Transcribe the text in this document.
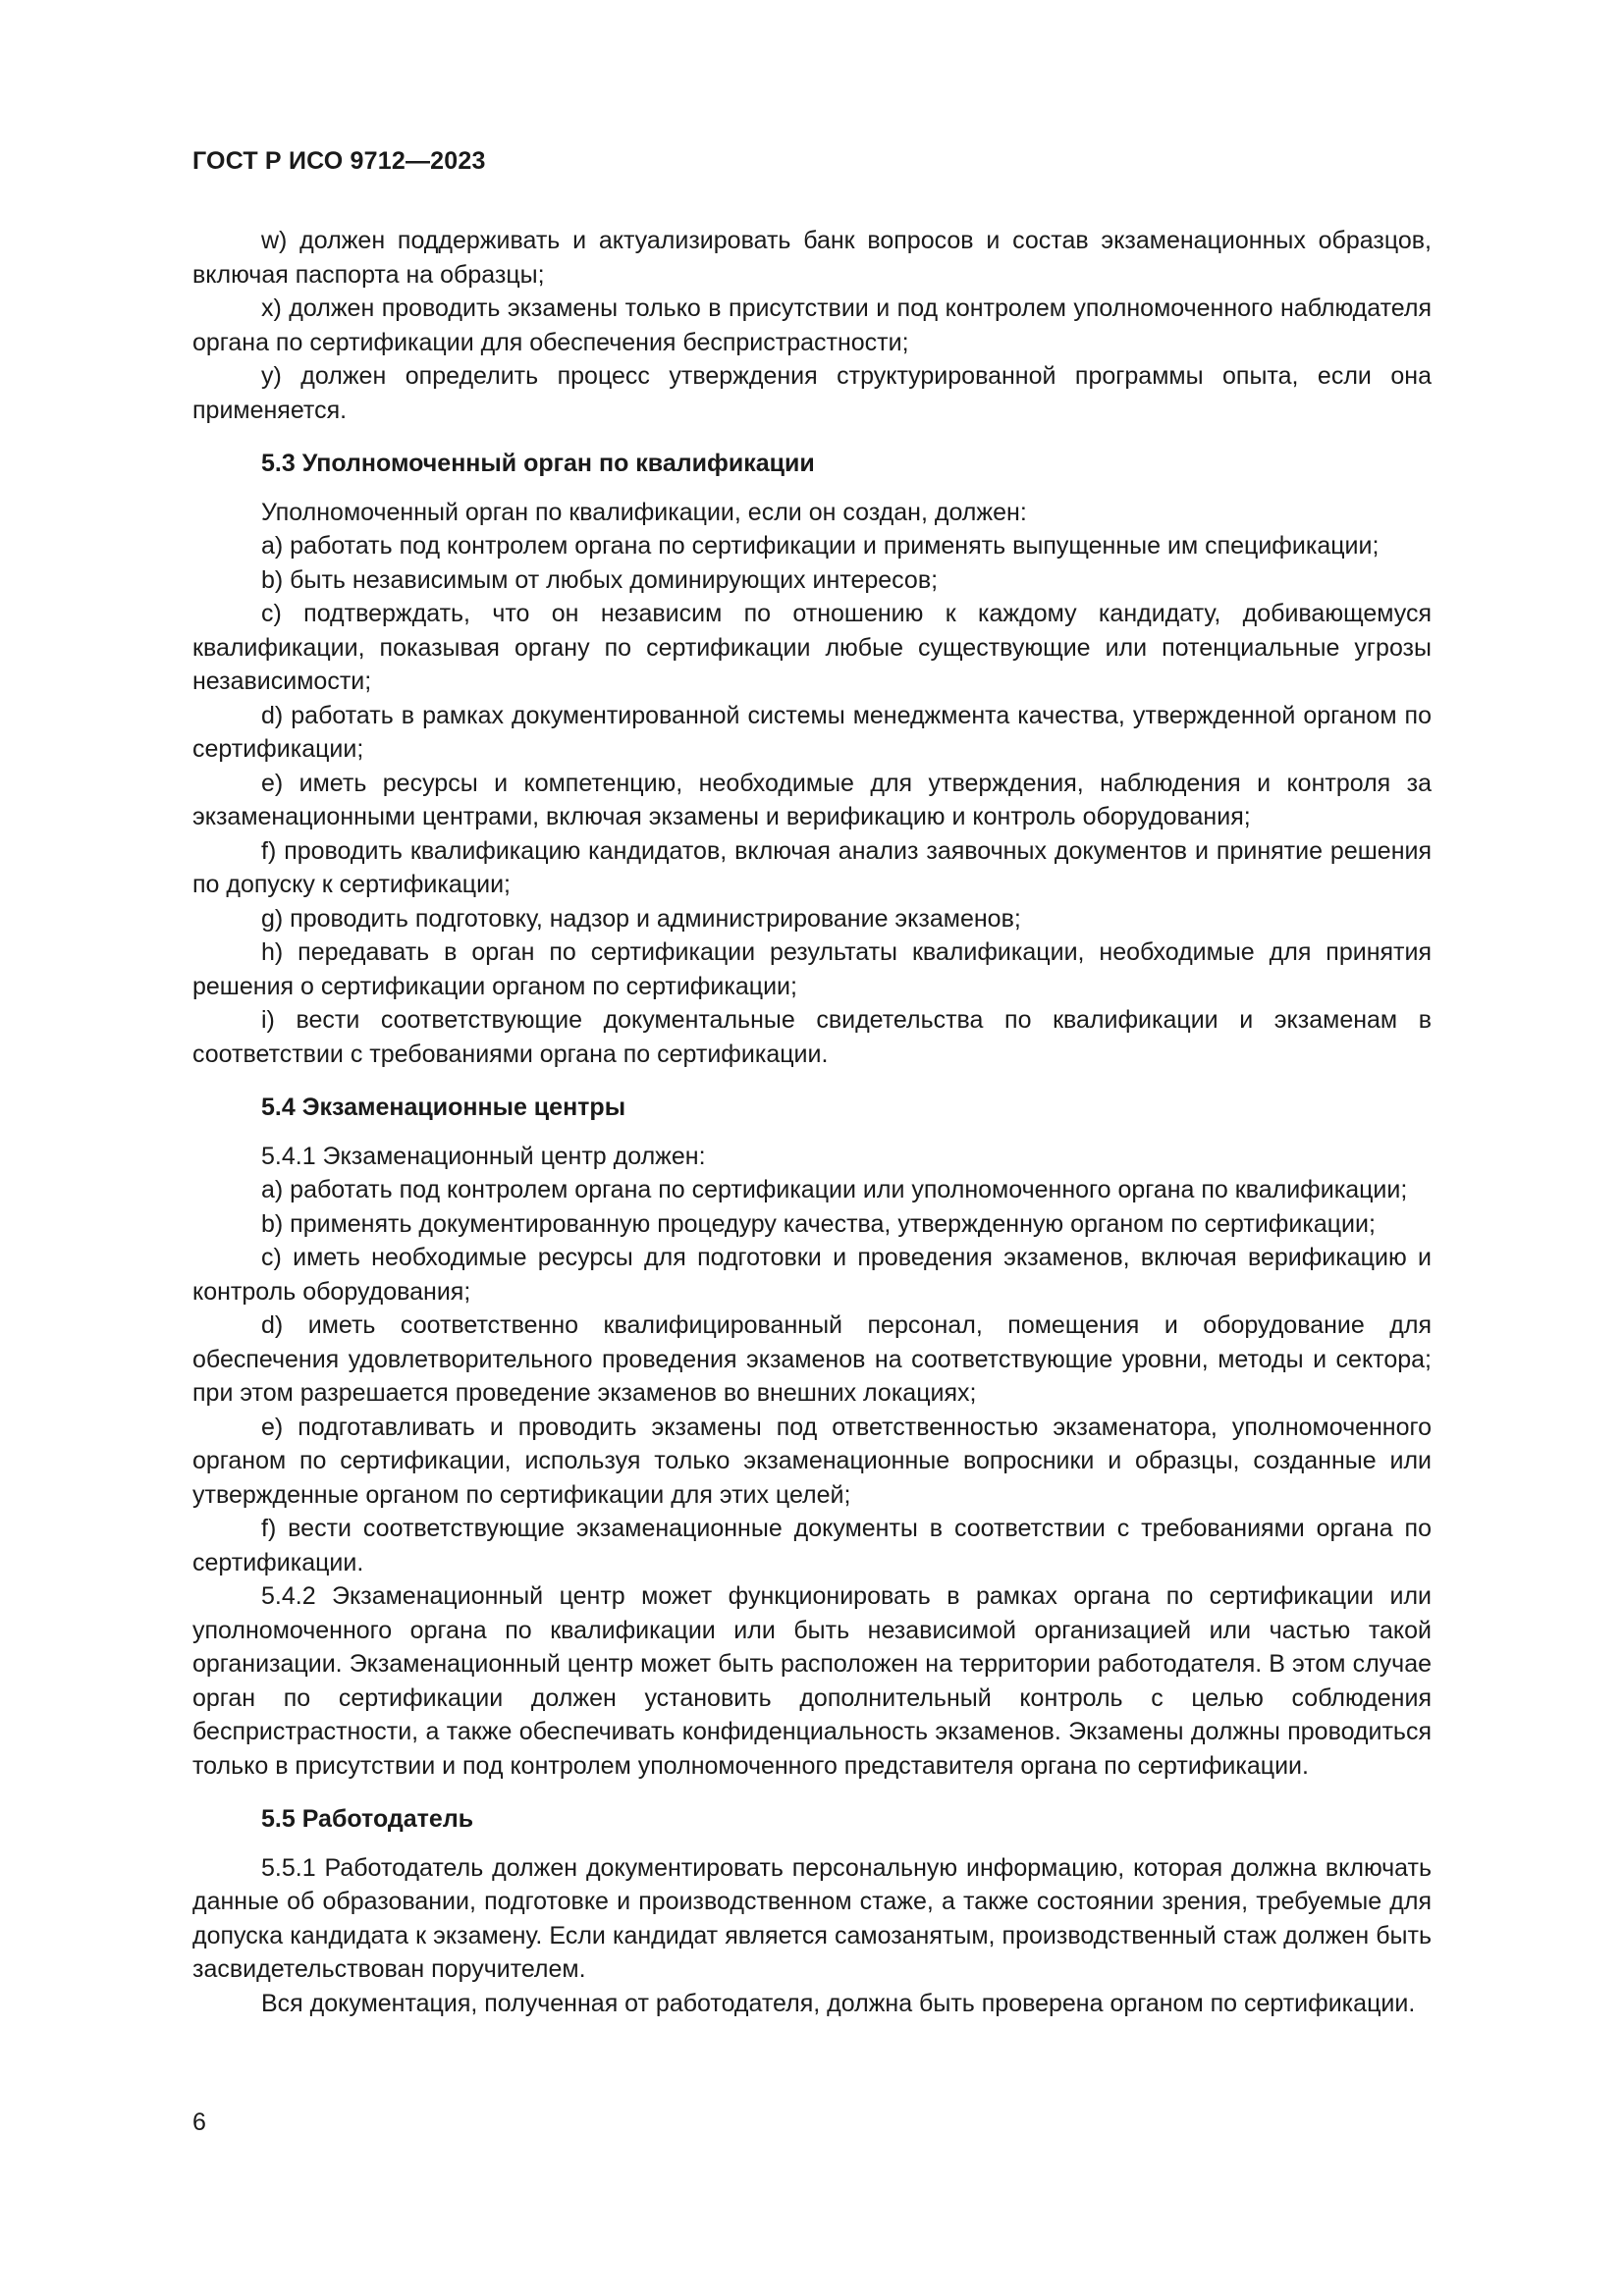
ГОСТ Р ИСО 9712—2023

w) должен поддерживать и актуализировать банк вопросов и состав экзаменационных образцов, включая паспорта на образцы;

x) должен проводить экзамены только в присутствии и под контролем уполномоченного наблюдателя органа по сертификации для обеспечения беспристрастности;

y) должен определить процесс утверждения структурированной программы опыта, если она применяется.

5.3 Уполномоченный орган по квалификации

Уполномоченный орган по квалификации, если он создан, должен:

a) работать под контролем органа по сертификации и применять выпущенные им спецификации;

b) быть независимым от любых доминирующих интересов;

c) подтверждать, что он независим по отношению к каждому кандидату, добивающемуся квалификации, показывая органу по сертификации любые существующие или потенциальные угрозы независимости;

d) работать в рамках документированной системы менеджмента качества, утвержденной органом по сертификации;

e) иметь ресурсы и компетенцию, необходимые для утверждения, наблюдения и контроля за экзаменационными центрами, включая экзамены и верификацию и контроль оборудования;

f) проводить квалификацию кандидатов, включая анализ заявочных документов и принятие решения по допуску к сертификации;

g) проводить подготовку, надзор и администрирование экзаменов;

h) передавать в орган по сертификации результаты квалификации, необходимые для принятия решения о сертификации органом по сертификации;

i) вести соответствующие документальные свидетельства по квалификации и экзаменам в соответствии с требованиями органа по сертификации.

5.4 Экзаменационные центры

5.4.1 Экзаменационный центр должен:

a) работать под контролем органа по сертификации или уполномоченного органа по квалификации;

b) применять документированную процедуру качества, утвержденную органом по сертификации;

c) иметь необходимые ресурсы для подготовки и проведения экзаменов, включая верификацию и контроль оборудования;

d) иметь соответственно квалифицированный персонал, помещения и оборудование для обеспечения удовлетворительного проведения экзаменов на соответствующие уровни, методы и сектора; при этом разрешается проведение экзаменов во внешних локациях;

e) подготавливать и проводить экзамены под ответственностью экзаменатора, уполномоченного органом по сертификации, используя только экзаменационные вопросники и образцы, созданные или утвержденные органом по сертификации для этих целей;

f) вести соответствующие экзаменационные документы в соответствии с требованиями органа по сертификации.

5.4.2 Экзаменационный центр может функционировать в рамках органа по сертификации или уполномоченного органа по квалификации или быть независимой организацией или частью такой организации. Экзаменационный центр может быть расположен на территории работодателя. В этом случае орган по сертификации должен установить дополнительный контроль с целью соблюдения беспристрастности, а также обеспечивать конфиденциальность экзаменов. Экзамены должны проводиться только в присутствии и под контролем уполномоченного представителя органа по сертификации.

5.5 Работодатель

5.5.1 Работодатель должен документировать персональную информацию, которая должна включать данные об образовании, подготовке и производственном стаже, а также состоянии зрения, требуемые для допуска кандидата к экзамену. Если кандидат является самозанятым, производственный стаж должен быть засвидетельствован поручителем.

Вся документация, полученная от работодателя, должна быть проверена органом по сертификации.

6
